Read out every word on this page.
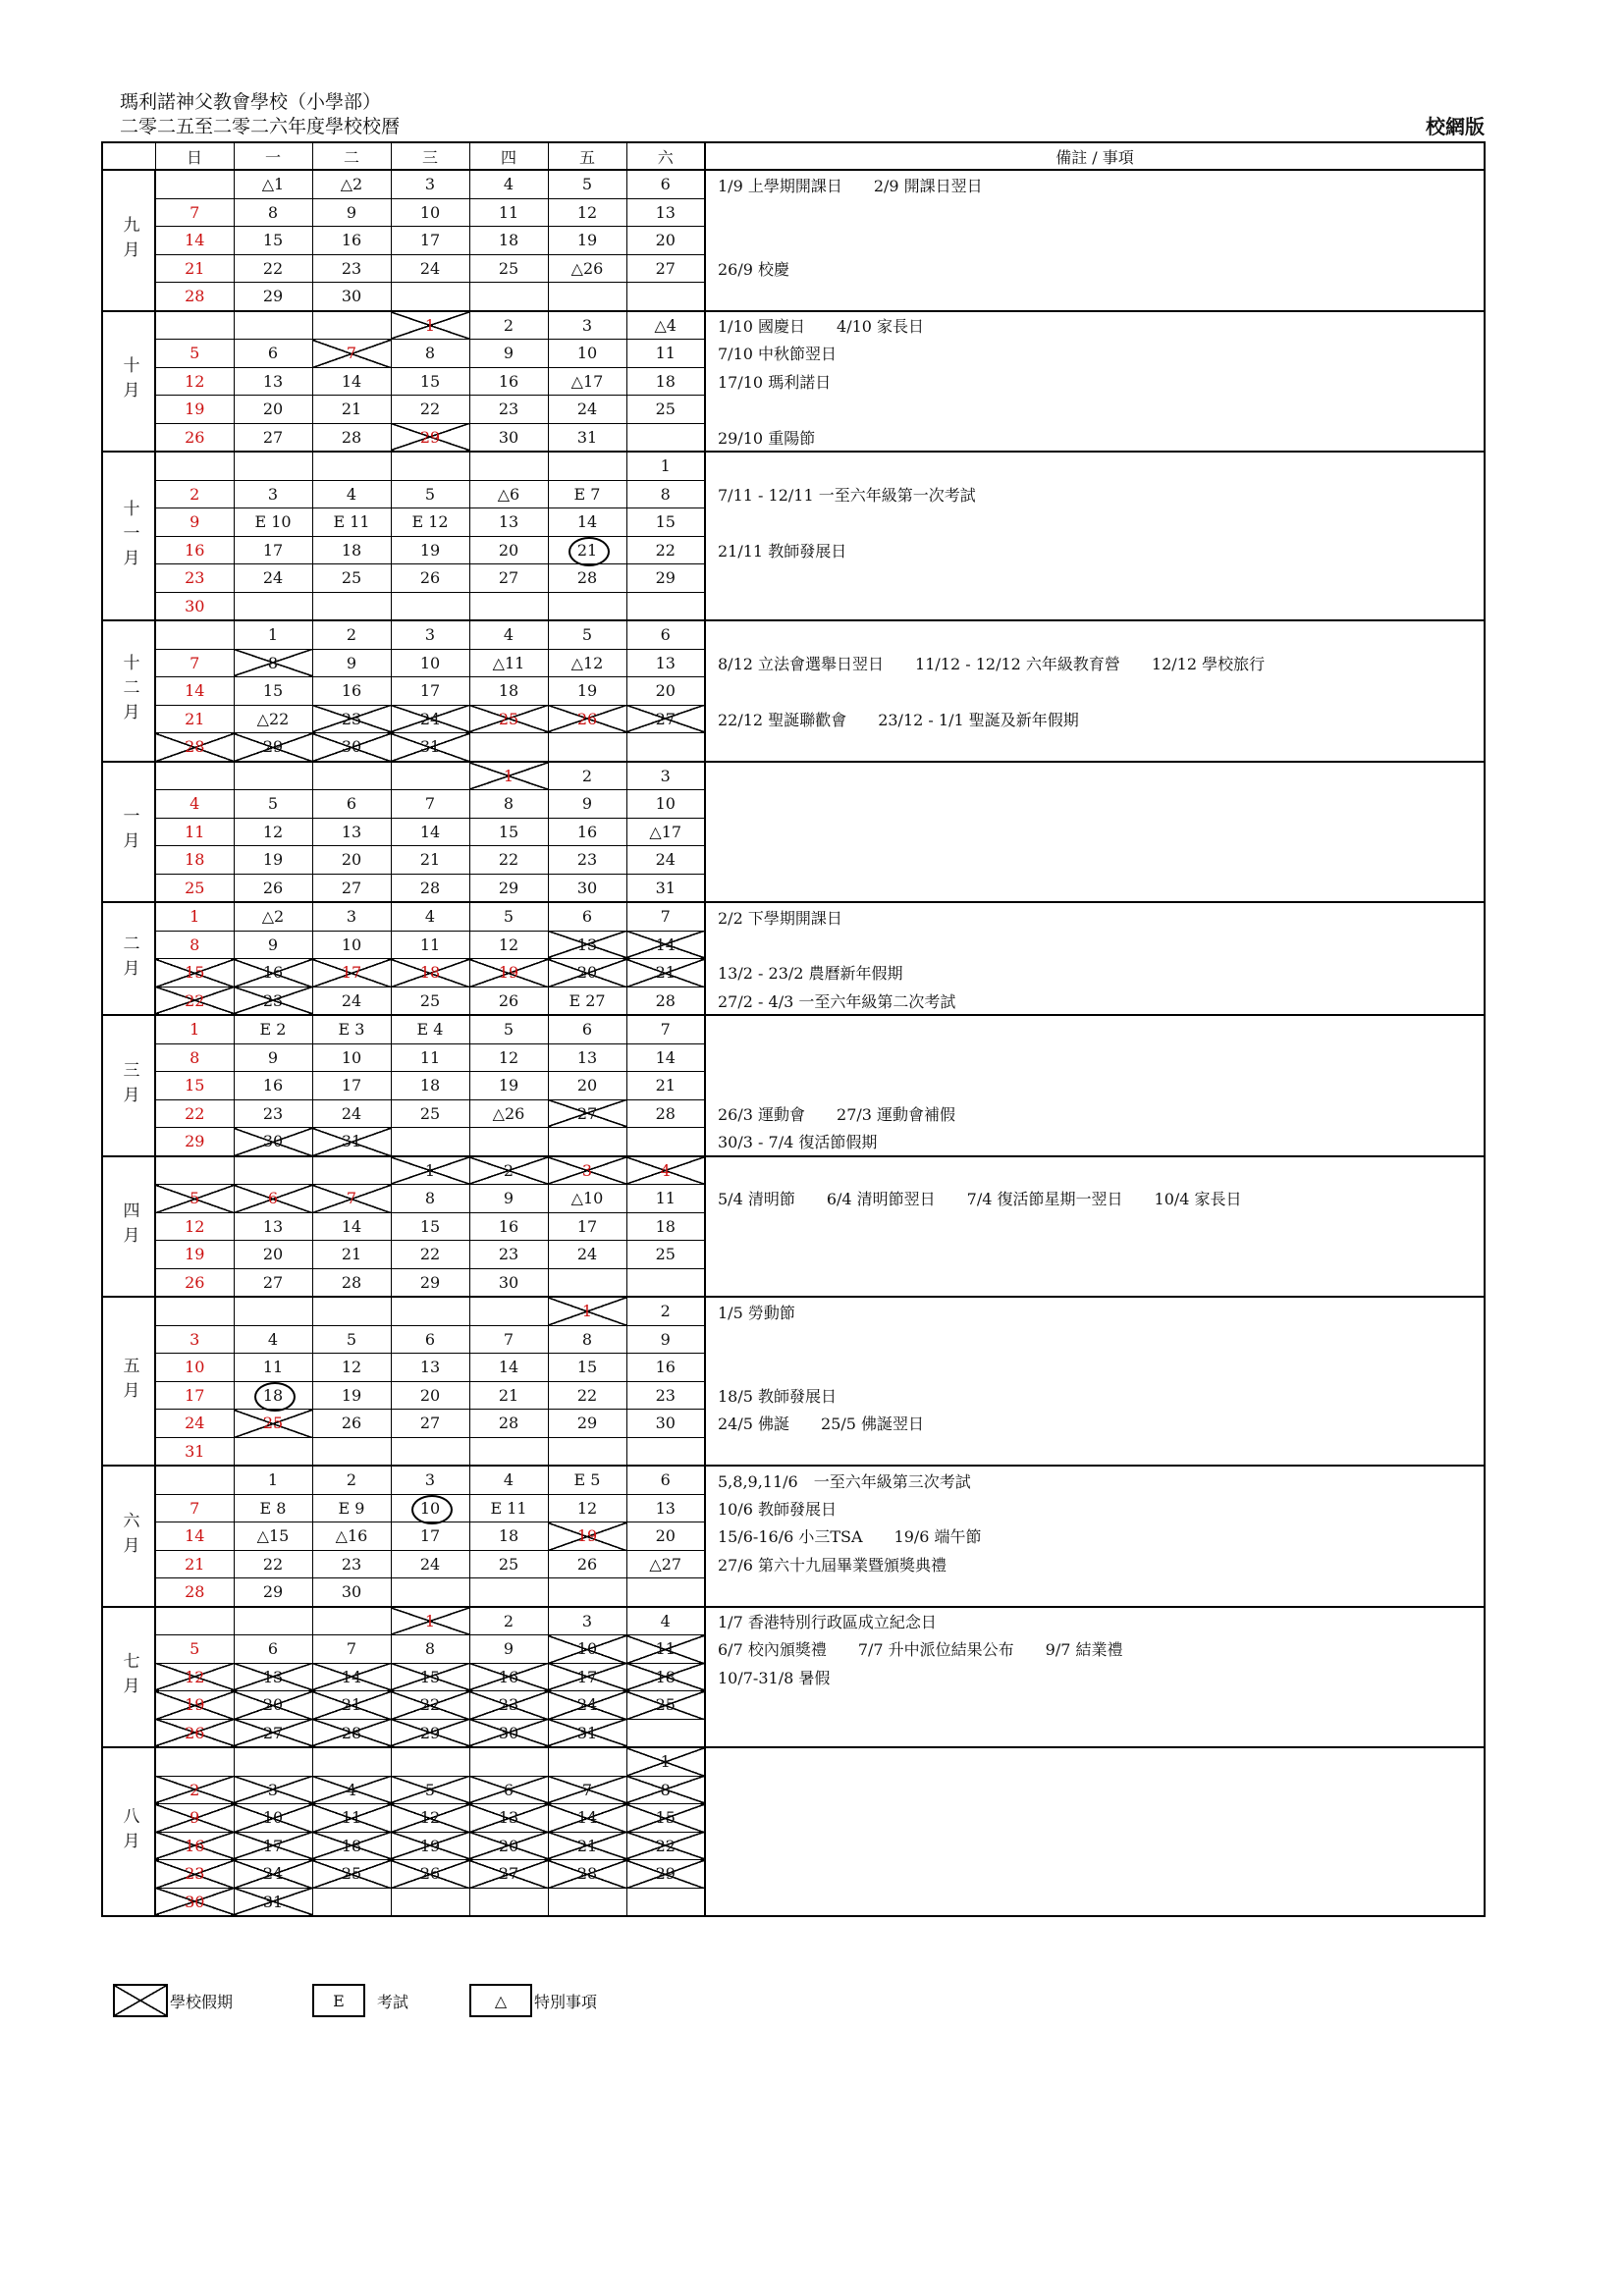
瑪利諾神父教會學校（小學部）
二零二五至二零二六年度學校校曆	校網版
	日	一	二	三	四	五	六	備註 / 事項
九月		△1	△2	3	4	5	6	1/9 上學期開課日　　2/9 開課日翌日
	7	8	9	10	11	12	13	
	14	15	16	17	18	19	20	
	21	22	23	24	25	△26	27	26/9 校慶
	28	29	30					
十月				1	2	3	△4	1/10 國慶日　　4/10 家長日
	5	6	7	8	9	10	11	7/10 中秋節翌日
	12	13	14	15	16	△17	18	17/10 瑪利諾日
	19	20	21	22	23	24	25	
	26	27	28	29	30	31		29/10 重陽節
十一月							1	
	2	3	4	5	△6	E 7	8	7/11 - 12/11 一至六年級第一次考試
	9	E 10	E 11	E 12	13	14	15	
	16	17	18	19	20	21	22	21/11 教師發展日
	23	24	25	26	27	28	29	
	30							
十二月		1	2	3	4	5	6	
	7	8	9	10	△11	△12	13	8/12 立法會選舉日翌日　　11/12 - 12/12 六年級教育營　　12/12 學校旅行
	14	15	16	17	18	19	20	
	21	△22	23	24	25	26	27	22/12 聖誕聯歡會　　23/12 - 1/1 聖誕及新年假期
	28	29	30	31				
一月					1	2	3	
	4	5	6	7	8	9	10	
	11	12	13	14	15	16	△17	
	18	19	20	21	22	23	24	
	25	26	27	28	29	30	31	
二月	1	△2	3	4	5	6	7	2/2 下學期開課日
	8	9	10	11	12	13	14	
	15	16	17	18	19	20	21	13/2 - 23/2 農曆新年假期
	22	23	24	25	26	E 27	28	27/2 - 4/3 一至六年級第二次考試
三月	1	E 2	E 3	E 4	5	6	7	
	8	9	10	11	12	13	14	
	15	16	17	18	19	20	21	
	22	23	24	25	△26	27	28	26/3 運動會　　27/3 運動會補假
	29	30	31					30/3 - 7/4 復活節假期
四月				1	2	3	4	
	5	6	7	8	9	△10	11	5/4 清明節　　6/4 清明節翌日　　7/4 復活節星期一翌日　　10/4 家長日
	12	13	14	15	16	17	18	
	19	20	21	22	23	24	25	
	26	27	28	29	30			
五月						1	2	1/5 勞動節
	3	4	5	6	7	8	9	
	10	11	12	13	14	15	16	
	17	18	19	20	21	22	23	18/5 教師發展日
	24	25	26	27	28	29	30	24/5 佛誕　　25/5 佛誕翌日
	31							
六月		1	2	3	4	E 5	6	5,8,9,11/6　一至六年級第三次考試
	7	E 8	E 9	10	E 11	12	13	10/6 教師發展日
	14	△15	△16	17	18	19	20	15/6-16/6 小三TSA　　19/6 端午節
	21	22	23	24	25	26	△27	27/6 第六十九屆畢業暨頒獎典禮
	28	29	30					
七月				1	2	3	4	1/7 香港特別行政區成立紀念日
	5	6	7	8	9	10	11	6/7 校內頒獎禮　　7/7 升中派位結果公布　　9/7 結業禮
	12	13	14	15	16	17	18	10/7-31/8 暑假
	19	20	21	22	23	24	25	
	26	27	28	29	30	31		
八月							1	
	2	3	4	5	6	7	8	
	9	10	11	12	13	14	15	
	16	17	18	19	20	21	22	
	23	24	25	26	27	28	29	
	30	31						
學校假期	E	考試	△	特別事項
